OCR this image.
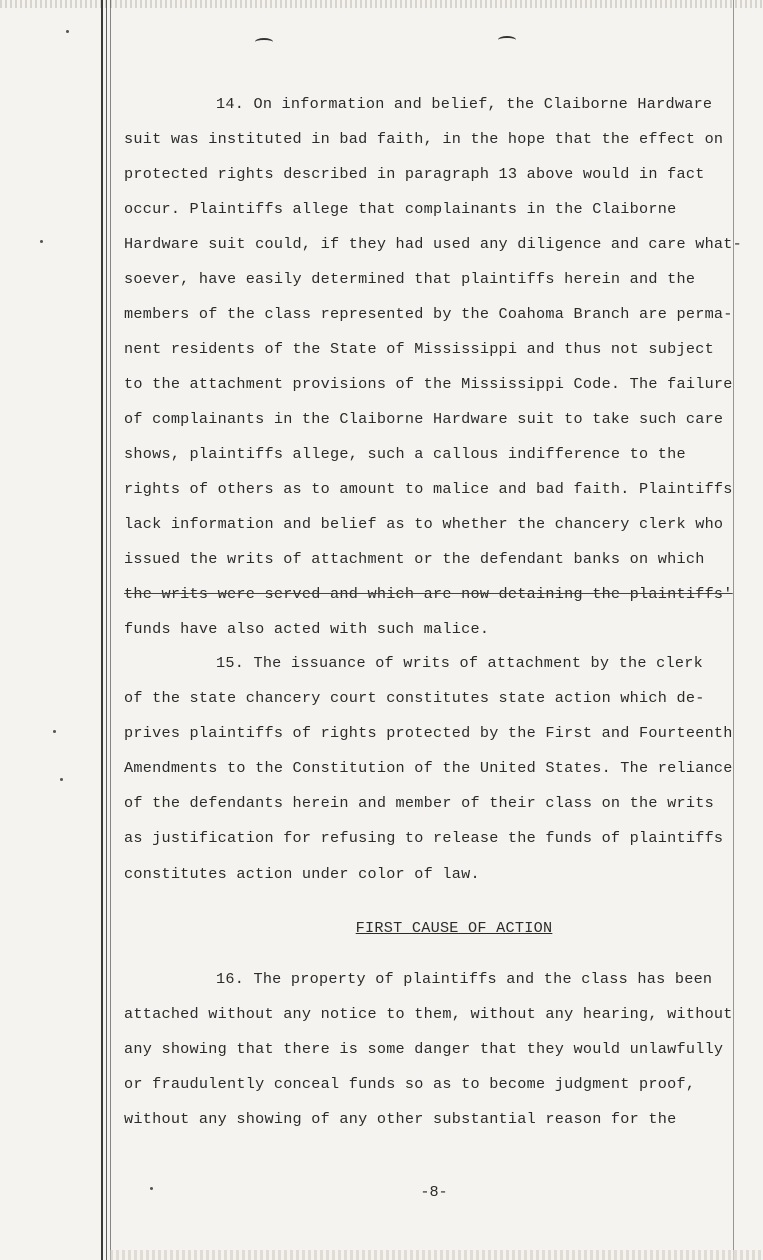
14. On information and belief, the Claiborne Hardware
suit was instituted in bad faith, in the hope that the effect on
protected rights described in paragraph 13 above would in fact
occur. Plaintiffs allege that complainants in the Claiborne
Hardware suit could, if they had used any diligence and care what-
soever, have easily determined that plaintiffs herein and the
members of the class represented by the Coahoma Branch are perma-
nent residents of the State of Mississippi and thus not subject
to the attachment provisions of the Mississippi Code. The failure
of complainants in the Claiborne Hardware suit to take such care
shows, plaintiffs allege, such a callous indifference to the
rights of others as to amount to malice and bad faith. Plaintiffs
lack information and belief as to whether the chancery clerk who
issued the writs of attachment or the defendant banks on which
the writs were served and which are now detaining the plaintiffs'
funds have also acted with such malice.
15. The issuance of writs of attachment by the clerk
of the state chancery court constitutes state action which de-
prives plaintiffs of rights protected by the First and Fourteenth
Amendments to the Constitution of the United States. The reliance
of the defendants herein and member of their class on the writs
as justification for refusing to release the funds of plaintiffs
constitutes action under color of law.
FIRST CAUSE OF ACTION
16. The property of plaintiffs and the class has been
attached without any notice to them, without any hearing, without
any showing that there is some danger that they would unlawfully
or fraudulently conceal funds so as to become judgment proof,
without any showing of any other substantial reason for the
-8-
